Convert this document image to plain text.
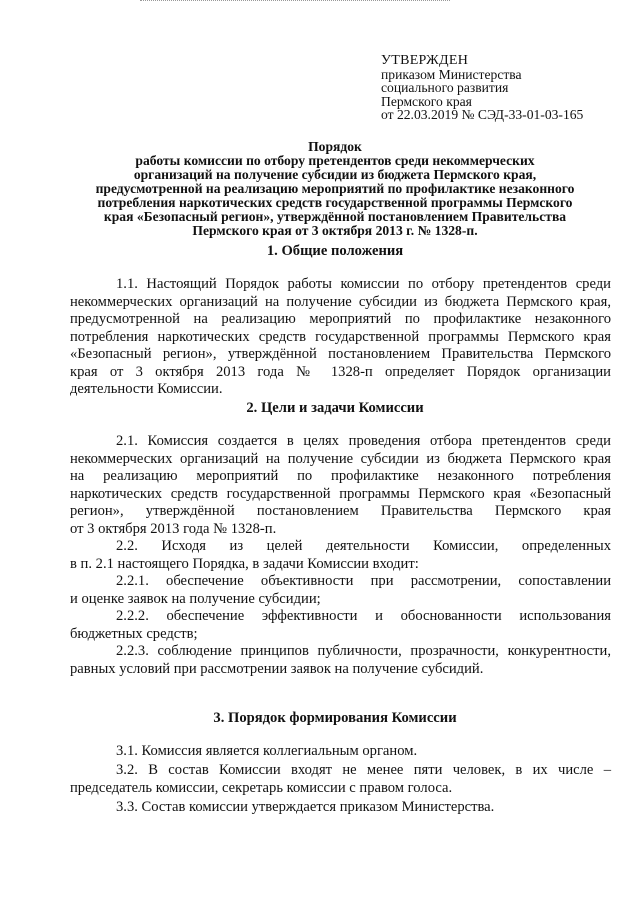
УТВЕРЖДЕН
приказом Министерства
социального развития
Пермского края
от 22.03.2019 № СЭД-33-01-03-165
Порядок
работы комиссии по отбору претендентов среди некоммерческих
организаций на получение субсидии из бюджета Пермского края,
предусмотренной на реализацию мероприятий по профилактике незаконного
потребления наркотических средств государственной программы Пермского
края «Безопасный регион», утверждённой постановлением Правительства
Пермского края от 3 октября 2013 г. № 1328-п.
1. Общие положения
1.1. Настоящий Порядок работы комиссии по отбору претендентов среди
некоммерческих организаций на получение субсидии из бюджета Пермского края,
предусмотренной на реализацию мероприятий по профилактике незаконного
потребления наркотических средств государственной программы Пермского края
«Безопасный регион», утверждённой постановлением Правительства Пермского
края от 3 октября 2013 года № 1328-п определяет Порядок организации
деятельности Комиссии.
2. Цели и задачи Комиссии
2.1. Комиссия создается в целях проведения отбора претендентов среди
некоммерческих организаций на получение субсидии из бюджета Пермского края
на реализацию мероприятий по профилактике незаконного потребления
наркотических средств государственной программы Пермского края «Безопасный
регион», утверждённой постановлением Правительства Пермского края
от 3 октября 2013 года № 1328-п.
2.2. Исходя из целей деятельности Комиссии, определенных
в п. 2.1 настоящего Порядка, в задачи Комиссии входит:
2.2.1. обеспечение объективности при рассмотрении, сопоставлении
и оценке заявок на получение субсидии;
2.2.2. обеспечение эффективности и обоснованности использования
бюджетных средств;
2.2.3. соблюдение принципов публичности, прозрачности, конкурентности,
равных условий при рассмотрении заявок на получение субсидий.
3. Порядок формирования Комиссии
3.1. Комиссия является коллегиальным органом.
3.2. В состав Комиссии входят не менее пяти человек, в их числе –
председатель комиссии, секретарь комиссии с правом голоса.
3.3. Состав комиссии утверждается приказом Министерства.
